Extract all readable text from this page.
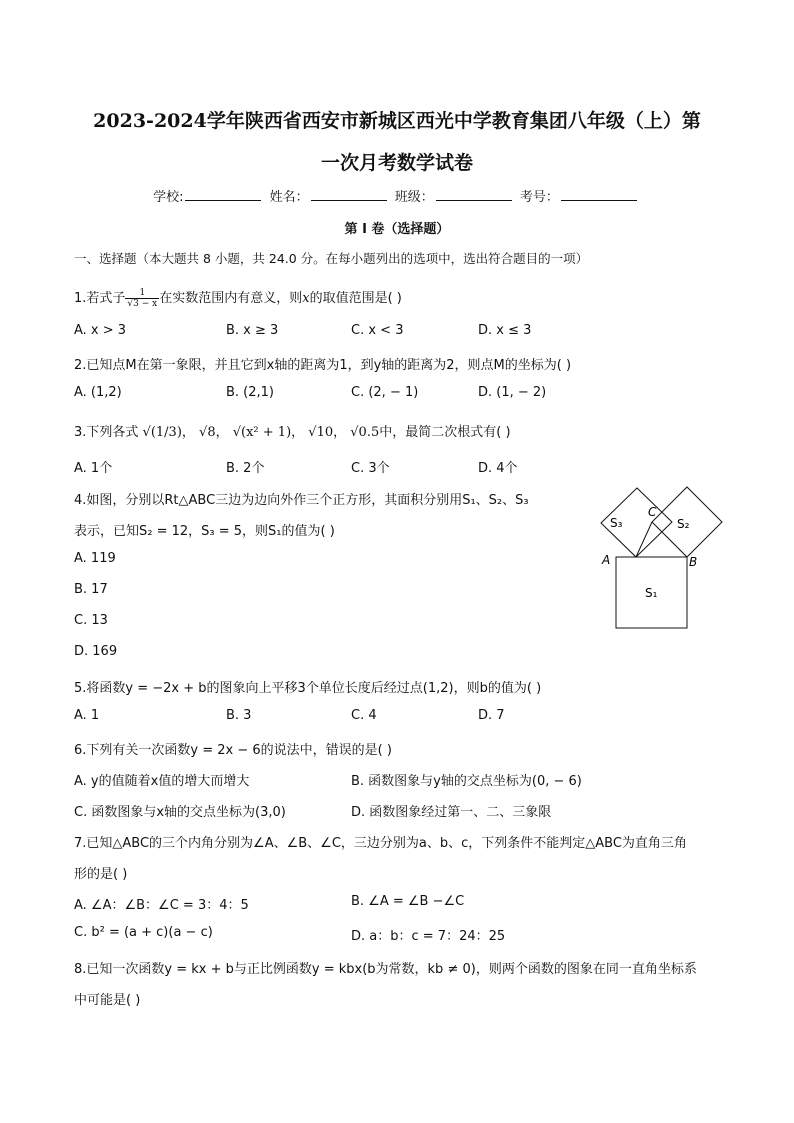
2023-2024学年陕西省西安市新城区西光中学教育集团八年级（上）第
一次月考数学试卷
学校:	姓名：	班级：	考号：
第 I 卷（选择题）
一、选择题（本大题共 8 小题，共 24.0 分。在每小题列出的选项中，选出符合题目的一项）
1.若式子 $\frac{1}{√3 - x}$ 在实数范围内有意义，则x的取值范围是( )
A. x > 3	B. x ≥ 3	C. x < 3	D. x ≤ 3
2.已知点M在第一象限，并且它到x轴的距离为1，到y轴的距离为2，则点M的坐标为( )
A. (1,2)	B. (2,1)	C. (2, − 1)	D. (1, − 2)
3.下列各式 √(1/3)， √8， √(x² + 1)， √10， √0.5中，最简二次根式有( )
A. 1个	B. 2个	C. 3个	D. 4个
4.如图，分别以Rt△ABC三边为边向外作三个正方形，其面积分别用S₁、S₂、S₃
表示，已知S₂ = 12，S₃ = 5，则S₁的值为( )
A. 119
B. 17
C. 13
D. 169
A	B
C
S₁
S₂
S₃
5.将函数y = −2x + b的图象向上平移3个单位长度后经过点(1,2)，则b的值为( )
A. 1	B. 3	C. 4	D. 7
6.下列有关一次函数y = 2x − 6的说法中，错误的是( )
A. y的值随着x值的增大而增大	B. 函数图象与y轴的交点坐标为(0, − 6)
C. 函数图象与x轴的交点坐标为(3,0)	D. 函数图象经过第一、二、三象限
7.已知△ABC的三个内角分别为∠A、∠B、∠C，三边分别为a、b、c，下列条件不能判定△ABC为直角三角
形的是( )
A. ∠A：∠B：∠C = 3：4：5	B. ∠A = ∠B −∠C
C. b² = (a + c)(a − c)	D. a：b：c = 7：24：25
8.已知一次函数y = kx + b与正比例函数y = kbx(b为常数，kb ≠ 0)，则两个函数的图象在同一直角坐标系
中可能是( )
